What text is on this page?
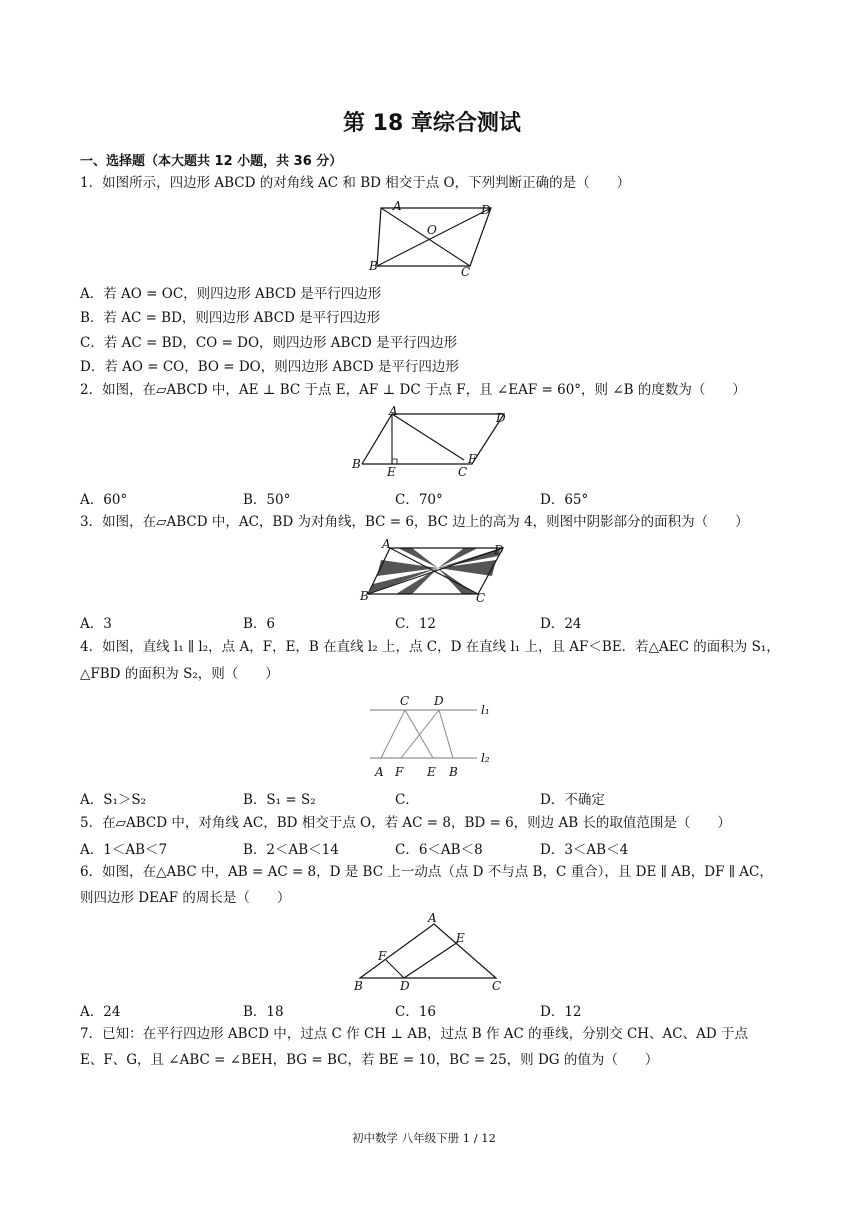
第 18 章综合测试
一、选择题（本大题共 12 小题，共 36 分）
1．如图所示，四边形 ABCD 的对角线 AC 和 BD 相交于点 O，下列判断正确的是（　　）
A	D
O
B	C
A．若 AO = OC，则四边形 ABCD 是平行四边形
B．若 AC = BD，则四边形 ABCD 是平行四边形
C．若 AC = BD，CO = DO，则四边形 ABCD 是平行四边形
D．若 AO = CO，BO = DO，则四边形 ABCD 是平行四边形
2．如图，在▱ABCD 中，AE ⊥ BC 于点 E，AF ⊥ DC 于点 F，且 ∠EAF = 60°，则 ∠B 的度数为（　　）
A	D
B
E
F
C
A．60°	B．50°	C．70°	D．65°
3．如图，在▱ABCD 中，AC，BD 为对角线，BC = 6，BC 边上的高为 4，则图中阴影部分的面积为（　　）
A	D
B	C
A．3	B．6	C．12	D．24
4．如图，直线 l₁ ∥ l₂，点 A，F，E，B 在直线 l₂ 上，点 C，D 在直线 l₁ 上，且 AF＜BE．若△AEC 的面积为 S₁，
△FBD 的面积为 S₂，则（　　）
C D
l₁
l₂
A F E B
A．S₁＞S₂	B．S₁ = S₂	C．	D．不确定
5．在▱ABCD 中，对角线 AC，BD 相交于点 O，若 AC = 8，BD = 6，则边 AB 长的取值范围是（　　）
A．1＜AB＜7	B．2＜AB＜14	C．6＜AB＜8	D．3＜AB＜4
6．如图，在△ABC 中，AB = AC = 8，D 是 BC 上一动点（点 D 不与点 B，C 重合），且 DE ∥ AB，DF ∥ AC，
则四边形 DEAF 的周长是（　　）
A
E
F
B	D	C
A．24	B．18	C．16	D．12
7．已知：在平行四边形 ABCD 中，过点 C 作 CH ⊥ AB，过点 B 作 AC 的垂线，分别交 CH、AC、AD 于点
E、F、G，且 ∠ABC = ∠BEH，BG = BC，若 BE = 10，BC = 25，则 DG 的值为（　　）
初中数学 八年级下册 1 / 12
